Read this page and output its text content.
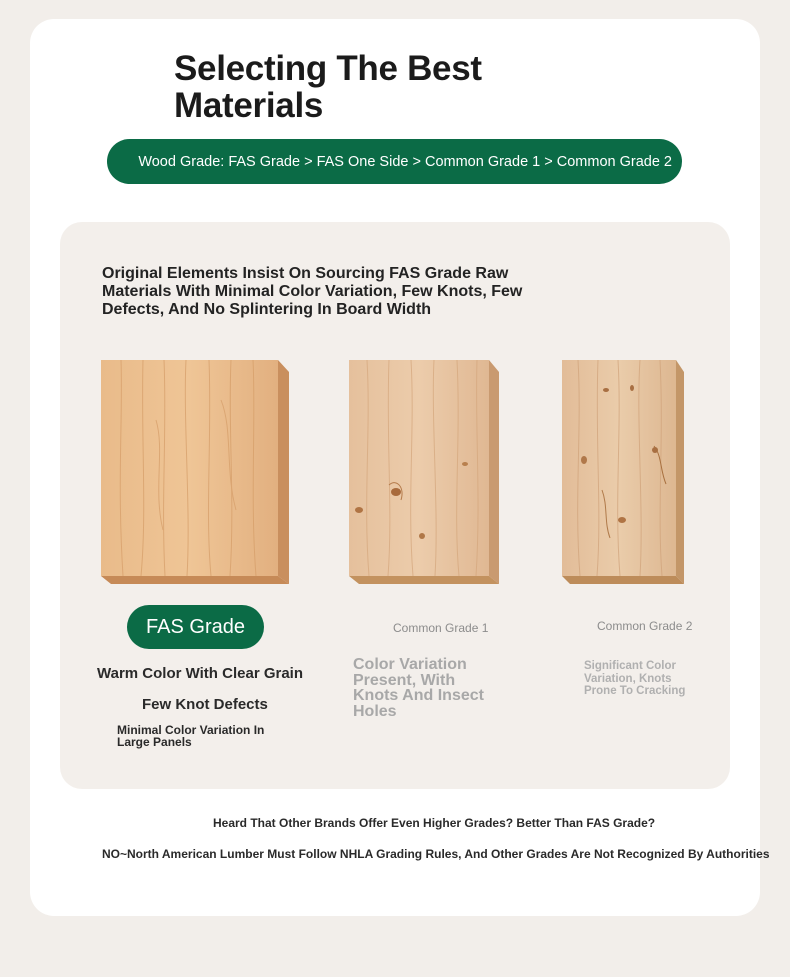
Selecting The Best Materials
Wood Grade: FAS Grade > FAS One Side > Common Grade 1 > Common Grade 2
Original Elements Insist On Sourcing FAS Grade Raw Materials With Minimal Color Variation, Few Knots, Few Defects, And No Splintering In Board Width
FAS Grade
Warm Color With Clear Grain
Few Knot Defects
Minimal Color Variation In Large Panels
Common Grade 1
Color Variation Present, With Knots And Insect Holes
Common Grade 2
Significant Color Variation, Knots Prone To Cracking
Heard That Other Brands Offer Even Higher Grades? Better Than FAS Grade?
NO~North American Lumber Must Follow NHLA Grading Rules, And Other Grades Are Not Recognized By Authorities
